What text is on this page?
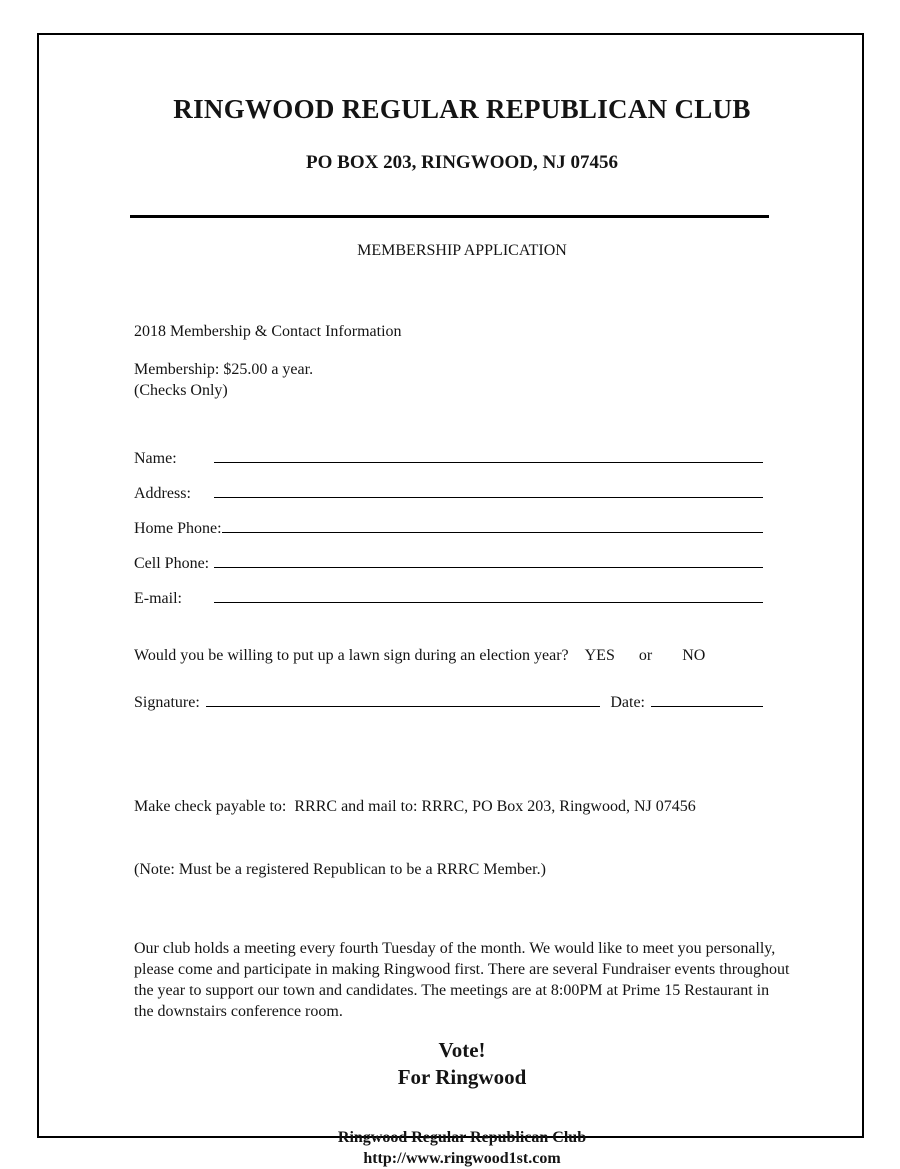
RINGWOOD REGULAR REPUBLICAN CLUB
PO BOX 203, RINGWOOD, NJ 07456
MEMBERSHIP APPLICATION
2018 Membership & Contact Information
Membership: $25.00 a year.
(Checks Only)
Name:
Address:
Home Phone:
Cell Phone:
E-mail:
Would you be willing to put up a lawn sign during an election year? YES or NO
Signature:	Date:

Make check payable to:  RRRC and mail to: RRRC, PO Box 203, Ringwood, NJ 07456

(Note: Must be a registered Republican to be a RRRC Member.)

Our club holds a meeting every fourth Tuesday of the month. We would like to meet you personally, please come and participate in making Ringwood first. There are several Fundraiser events throughout the year to support our town and candidates. The meetings are at 8:00PM at Prime 15 Restaurant in the downstairs conference room.
Vote!
For Ringwood
Ringwood Regular Republican Club
http://www.ringwood1st.com
